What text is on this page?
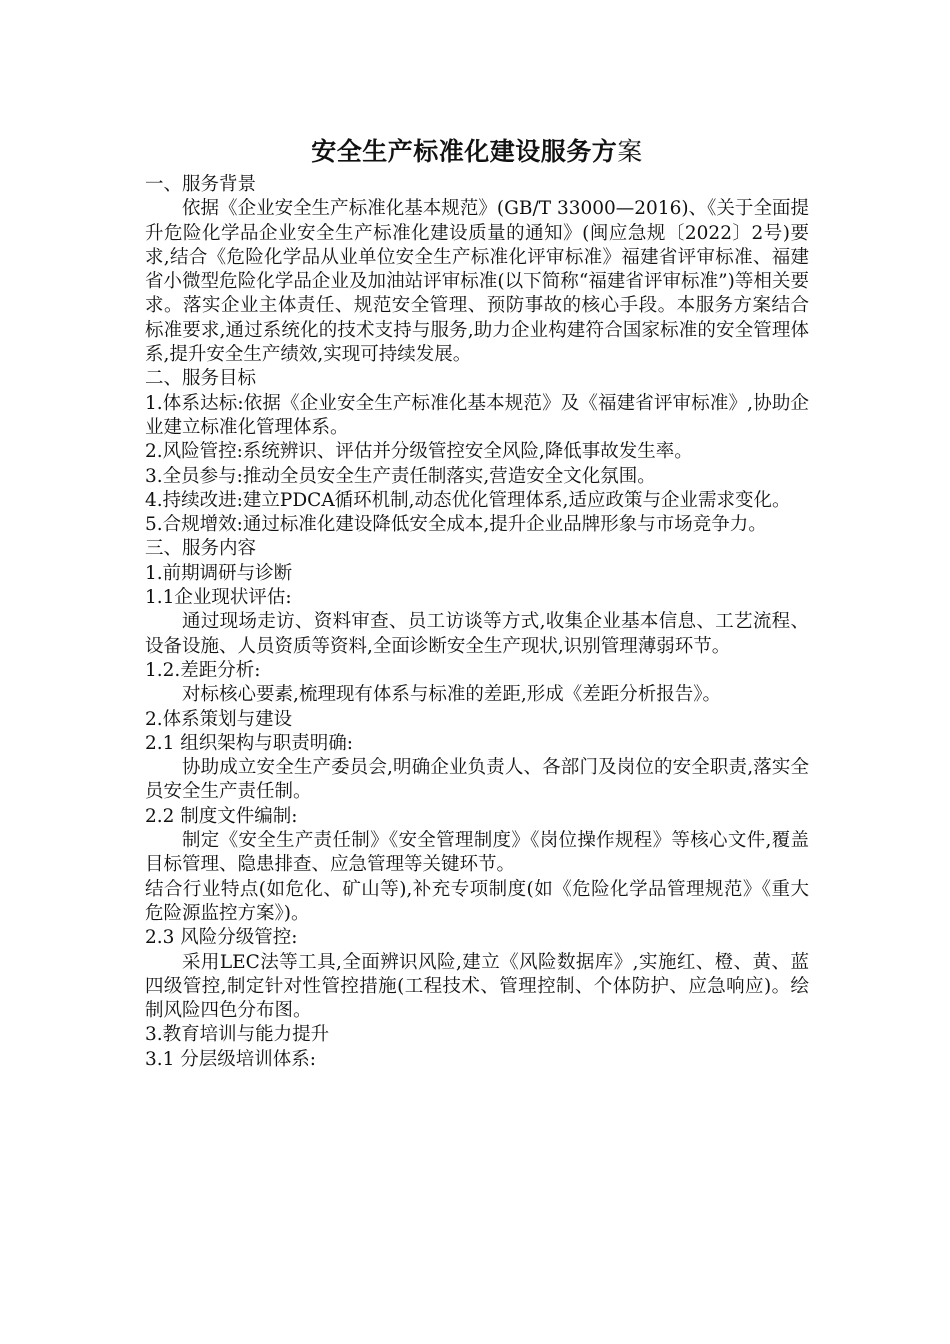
安全生产标准化建设服务方案

一、服务背景

依据《企业安全生产标准化基本规范》(GB/T 33000—2016)、《关于全面提升危险化学品企业安全生产标准化建设质量的通知》(闽应急规〔2022〕2号)要求,结合《危险化学品从业单位安全生产标准化评审标准》福建省评审标准、福建省小微型危险化学品企业及加油站评审标准(以下简称“福建省评审标准”)等相关要求。落实企业主体责任、规范安全管理、预防事故的核心手段。本服务方案结合标准要求,通过系统化的技术支持与服务,助力企业构建符合国家标准的安全管理体系,提升安全生产绩效,实现可持续发展。

二、服务目标

1.体系达标:依据《企业安全生产标准化基本规范》及《福建省评审标准》,协助企业建立标准化管理体系。

2.风险管控:系统辨识、评估并分级管控安全风险,降低事故发生率。

3.全员参与:推动全员安全生产责任制落实,营造安全文化氛围。

4.持续改进:建立PDCA循环机制,动态优化管理体系,适应政策与企业需求变化。

5.合规增效:通过标准化建设降低安全成本,提升企业品牌形象与市场竞争力。

三、服务内容

1.前期调研与诊断

1.1企业现状评估:

通过现场走访、资料审查、员工访谈等方式,收集企业基本信息、工艺流程、设备设施、人员资质等资料,全面诊断安全生产现状,识别管理薄弱环节。

1.2.差距分析:

对标核心要素,梳理现有体系与标准的差距,形成《差距分析报告》。

2.体系策划与建设

2.1 组织架构与职责明确:

协助成立安全生产委员会,明确企业负责人、各部门及岗位的安全职责,落实全员安全生产责任制。

2.2 制度文件编制:

制定《安全生产责任制》《安全管理制度》《岗位操作规程》等核心文件,覆盖目标管理、隐患排查、应急管理等关键环节。

结合行业特点(如危化、矿山等),补充专项制度(如《危险化学品管理规范》《重大危险源监控方案》)。

2.3 风险分级管控:

采用LEC法等工具,全面辨识风险,建立《风险数据库》,实施红、橙、黄、蓝四级管控,制定针对性管控措施(工程技术、管理控制、个体防护、应急响应)。绘制风险四色分布图。

3.教育培训与能力提升

3.1 分层级培训体系:
